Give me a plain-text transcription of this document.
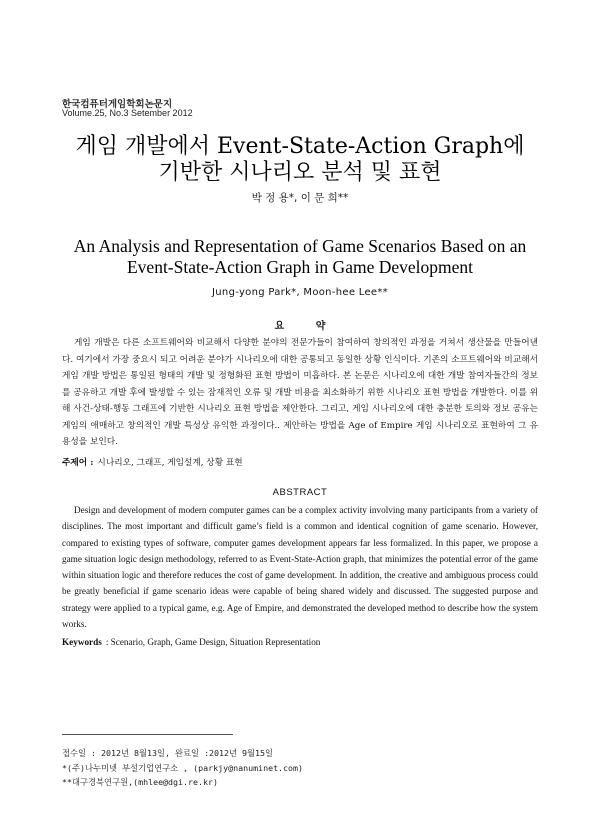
한국컴퓨터게임학회논문지
Volume.25, No.3 Setember 2012
게임 개발에서 Event-State-Action Graph에
기반한 시나리오 분석 및 표현
박 정 용*, 이 문 희**
An Analysis and Representation of Game Scenarios Based on an
Event-State-Action Graph in Game Development
Jung-yong Park*, Moon-hee Lee**
요 약

게임 개발은 다른 소프트웨어와 비교해서 다양한 분야의 전문가들이 참여하여 창의적인 과정을 거쳐서 생산물을 만들어낸다. 여기에서 가장 중요시 되고 어려운 분야가 시나리오에 대한 공통되고 동일한 상황 인식이다. 기존의 소프트웨어와 비교해서 게임 개발 방법은 통일된 형태의 개발 및 정형화된 표현 방법이 미흡하다. 본 논문은 시나리오에 대한 개발 참여자들간의 정보를 공유하고 개발 후에 발생할 수 있는 잠재적인 오류 및 개발 비용을 최소화하기 위한 시나리오 표현 방법을 개발한다. 이를 위해 사건-상태-행동 그래프에 기반한 시나리오 표현 방법을 제안한다. 그리고, 게임 시나리오에 대한 충분한 토의와 정보 공유는 게임의 애매하고 창의적인 개발 특성상 유익한 과정이다.. 제안하는 방법을 Age of Empire 게임 시나리오로 표현하여 그 유용성을 보인다.

주제어 : 시나리오, 그래프, 게임설계, 상황 표현
ABSTRACT

Design and development of modern computer games can be a complex activity involving many participants from a variety of disciplines. The most important and difficult game’s field is a common and identical cognition of game scenario. However, compared to existing types of software, computer games development appears far less formalized. In this paper, we propose a game situation logic design methodology, referred to as Event-State-Action graph, that minimizes the potential error of the game within situation logic and therefore reduces the cost of game development. In addition, the creative and ambiguous process could be greatly beneficial if game scenario ideas were capable of being shared widely and discussed. The suggested purpose and strategy were applied to a typical game, e.g. Age of Empire, and demonstrated the developed method to describe how the system works.

Keywords : Scenario, Graph, Game Design, Situation Representation
접수일 : 2012년 8월13일, 완료일 :2012년 9월15일
*(주)나누미넷 부설기업연구소 , (parkjy@nanuminet.com)
**대구경북연구원,(mhlee@dgi.re.kr)
